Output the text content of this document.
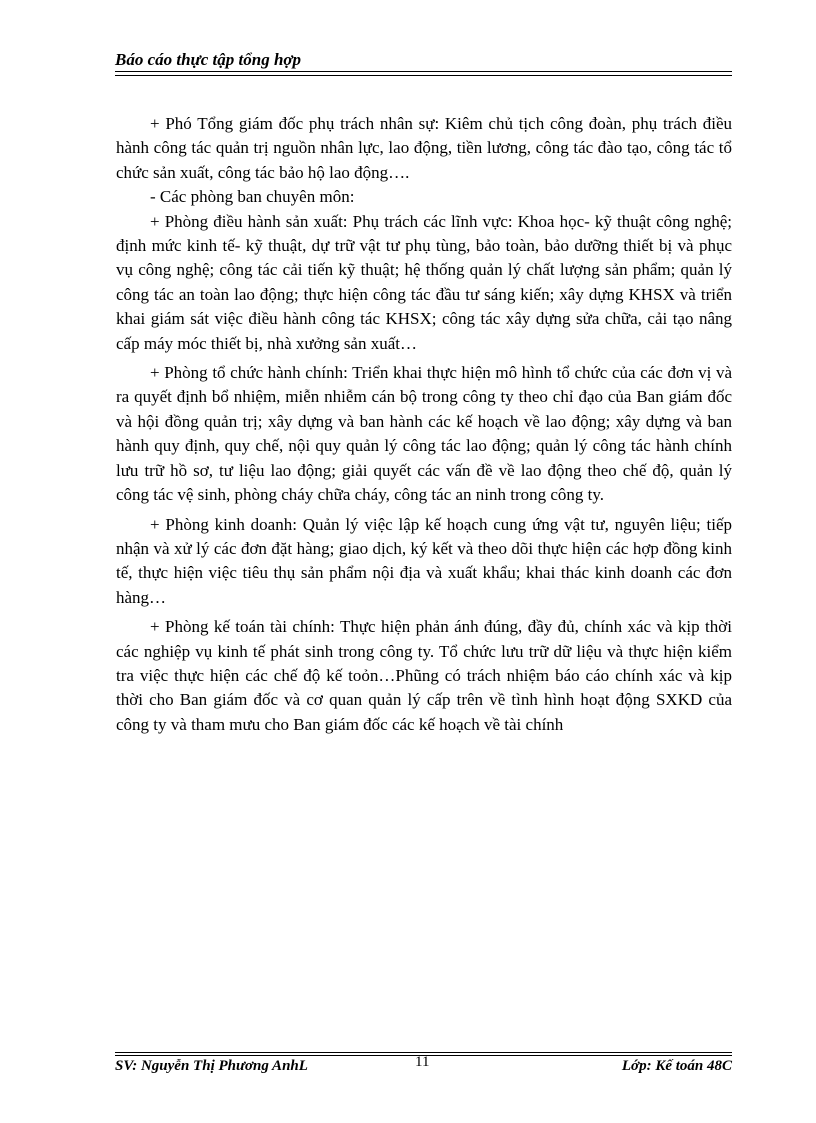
Báo cáo thực tập tổng hợp

+ Phó Tổng giám đốc phụ trách nhân sự: Kiêm chủ tịch công đoàn, phụ trách điều hành công tác quản trị nguồn nhân lực, lao động, tiền lương, công tác đào tạo, công tác tổ chức sản xuất, công tác bảo hộ lao động….

- Các phòng ban chuyên môn:

+ Phòng điều hành sản xuất: Phụ trách các lĩnh vực: Khoa học- kỹ thuật công nghệ; định mức kinh tế- kỹ thuật, dự trữ vật tư phụ tùng, bảo toàn, bảo dưỡng thiết bị và phục vụ công nghệ; công tác cải tiến kỹ thuật; hệ thống quản lý chất lượng sản phẩm; quản lý công tác an toàn lao động; thực hiện công tác đầu tư sáng kiến; xây dựng KHSX và triển khai giám sát việc điều hành công tác KHSX; công tác xây dựng sửa chữa, cải tạo nâng cấp máy móc thiết bị, nhà xưởng sản xuất…

+ Phòng tổ chức hành chính: Triển khai thực hiện mô hình tổ chức của các đơn vị và ra quyết định bổ nhiệm, miễn nhiễm cán bộ trong công ty theo chỉ đạo của Ban giám đốc và hội đồng quản trị; xây dựng và ban hành các kế hoạch về lao động; xây dựng và ban hành quy định, quy chế, nội quy quản lý công tác lao động; quản lý công tác hành chính lưu trữ hồ sơ, tư liệu lao động; giải quyết các vấn đề về lao động theo chế độ, quản lý công tác vệ sinh, phòng cháy chữa cháy, công tác an ninh trong công ty.

+ Phòng kinh doanh: Quản lý việc lập kế hoạch cung ứng vật tư, nguyên liệu; tiếp nhận và xử lý các đơn đặt hàng; giao dịch, ký kết và theo dõi thực hiện các hợp đồng kinh tế, thực hiện việc tiêu thụ sản phẩm nội địa và xuất khẩu; khai thác kinh doanh các đơn hàng…

+ Phòng kế toán tài chính: Thực hiện phản ánh đúng, đầy đủ, chính xác và kịp thời các nghiệp vụ kinh tế phát sinh trong công ty. Tổ chức lưu trữ dữ liệu và thực hiện kiểm tra việc thực hiện các chế độ kế toỏn…Phũng có trách nhiệm báo cáo chính xác và kịp thời cho Ban giám đốc và cơ quan quản lý cấp trên về tình hình hoạt động SXKD của công ty và tham mưu cho Ban giám đốc các kế hoạch về tài chính

SV: Nguyễn Thị Phương AnhL	11	Lớp: Kế toán 48C
